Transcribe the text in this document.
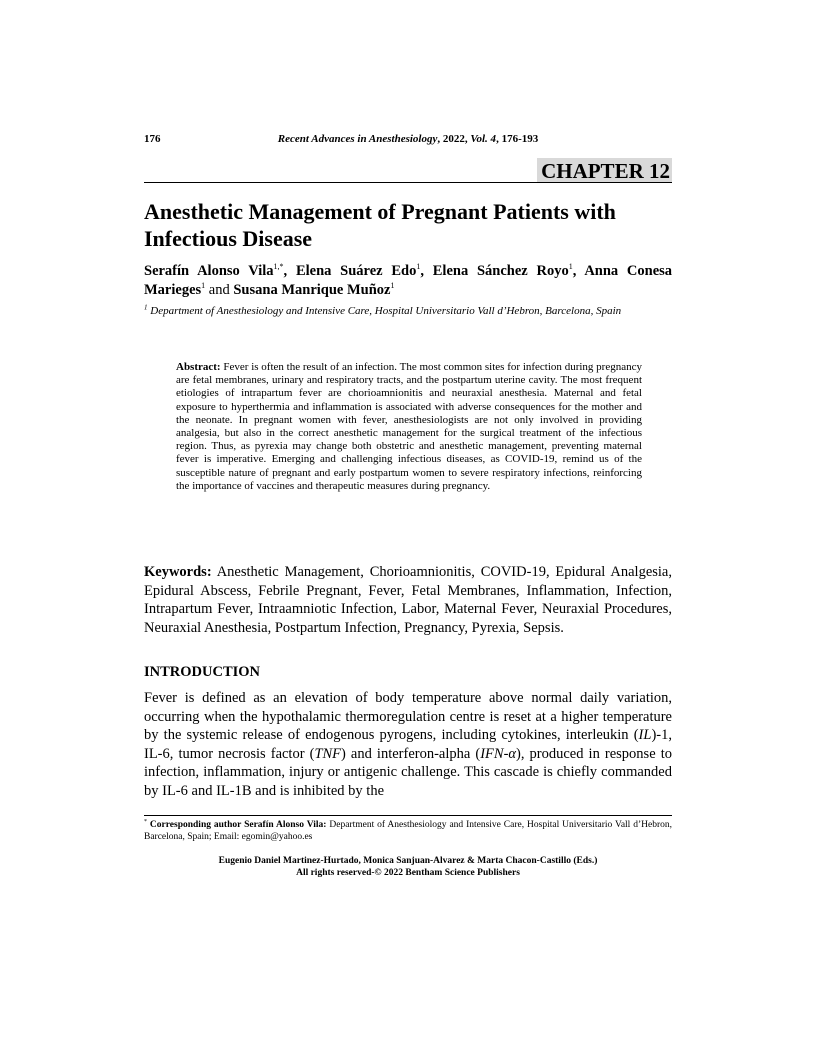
176	Recent Advances in Anesthesiology, 2022, Vol. 4, 176-193
CHAPTER 12
Anesthetic Management of Pregnant Patients with Infectious Disease

Serafín Alonso Vila$^{1,*}$, Elena Suárez Edo$^1$, Elena Sánchez Royo$^1$, Anna Conesa Marieges$^1$ and Susana Manrique Muñoz$^1$

$^1$ Department of Anesthesiology and Intensive Care, Hospital Universitario Vall d’Hebron, Barcelona, Spain

Abstract: Fever is often the result of an infection. The most common sites for infection during pregnancy are fetal membranes, urinary and respiratory tracts, and the postpartum uterine cavity. The most frequent etiologies of intrapartum fever are chorioamnionitis and neuraxial anesthesia. Maternal and fetal exposure to hyperthermia and inflammation is associated with adverse consequences for the mother and the neonate. In pregnant women with fever, anesthesiologists are not only involved in providing analgesia, but also in the correct anesthetic management for the surgical treatment of the infectious region. Thus, as pyrexia may change both obstetric and anesthetic management, preventing maternal fever is imperative. Emerging and challenging infectious diseases, as COVID-19, remind us of the susceptible nature of pregnant and early postpartum women to severe respiratory infections, reinforcing the importance of vaccines and therapeutic measures during pregnancy.

Keywords: Anesthetic Management, Chorioamnionitis, COVID-19, Epidural Analgesia, Epidural Abscess, Febrile Pregnant, Fever, Fetal Membranes, Inflammation, Infection, Intrapartum Fever, Intraamniotic Infection, Labor, Maternal Fever, Neuraxial Procedures, Neuraxial Anesthesia, Postpartum Infection, Pregnancy, Pyrexia, Sepsis.

INTRODUCTION

Fever is defined as an elevation of body temperature above normal daily variation, occurring when the hypothalamic thermoregulation centre is reset at a higher temperature by the systemic release of endogenous pyrogens, including cytokines, interleukin (IL)-1, IL-6, tumor necrosis factor (TNF) and interferon-alpha (IFN-α), produced in response to infection, inflammation, injury or antigenic challenge. This cascade is chiefly commanded by IL-6 and IL-1B and is inhibited by the

* Corresponding author Serafín Alonso Vila: Department of Anesthesiology and Intensive Care, Hospital Universitario Vall d’Hebron, Barcelona, Spain; Email: egomin@yahoo.es

Eugenio Daniel Martinez-Hurtado, Monica Sanjuan-Alvarez & Marta Chacon-Castillo (Eds.)
All rights reserved-© 2022 Bentham Science Publishers
